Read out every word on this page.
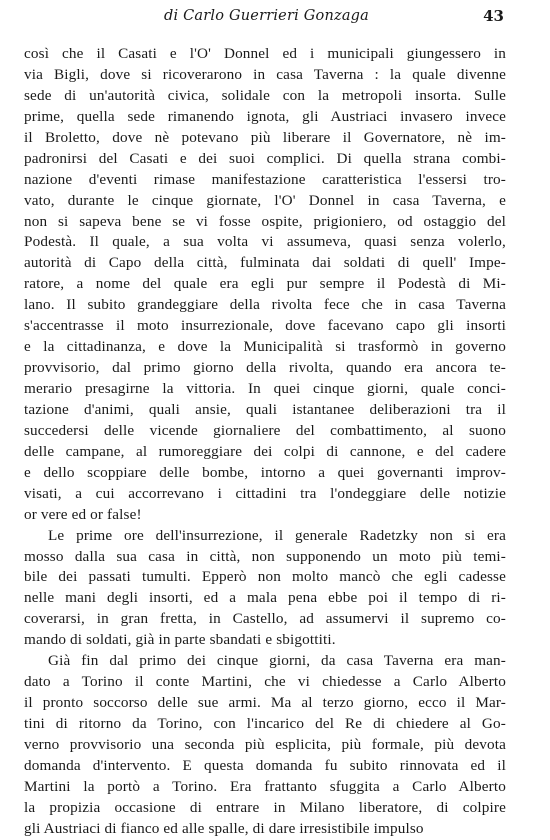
di Carlo Guerrieri Gonzaga	43
così che il Casati e l'O' Donnel ed i municipali giungessero in
via Bigli, dove si ricoverarono in casa Taverna : la quale divenne
sede di un'autorità civica, solidale con la metropoli insorta. Sulle
prime, quella sede rimanendo ignota, gli Austriaci invasero invece
il Broletto, dove nè potevano più liberare il Governatore, nè im-
padronirsi del Casati e dei suoi complici. Di quella strana combi-
nazione d'eventi rimase manifestazione caratteristica l'essersi tro-
vato, durante le cinque giornate, l'O' Donnel in casa Taverna, e
non si sapeva bene se vi fosse ospite, prigioniero, od ostaggio del
Podestà. Il quale, a sua volta vi assumeva, quasi senza volerlo,
autorità di Capo della città, fulminata dai soldati di quell' Impe-
ratore, a nome del quale era egli pur sempre il Podestà di Mi-
lano. Il subito grandeggiare della rivolta fece che in casa Taverna
s'accentrasse il moto insurrezionale, dove facevano capo gli insorti
e la cittadinanza, e dove la Municipalità si trasformò in governo
provvisorio, dal primo giorno della rivolta, quando era ancora te-
merario presagirne la vittoria. In quei cinque giorni, quale conci-
tazione d'animi, quali ansie, quali istantanee deliberazioni tra il
succedersi delle vicende giornaliere del combattimento, al suono
delle campane, al rumoreggiare dei colpi di cannone, e del cadere
e dello scoppiare delle bombe, intorno a quei governanti improv-
visati, a cui accorrevano i cittadini tra l'ondeggiare delle notizie
or vere ed or false!
Le prime ore dell'insurrezione, il generale Radetzky non si era
mosso dalla sua casa in città, non supponendo un moto più temi-
bile dei passati tumulti. Epperò non molto mancò che egli cadesse
nelle mani degli insorti, ed a mala pena ebbe poi il tempo di ri-
coverarsi, in gran fretta, in Castello, ad assumervi il supremo co-
mando di soldati, già in parte sbandati e sbigottiti.
Già fin dal primo dei cinque giorni, da casa Taverna era man-
dato a Torino il conte Martini, che vi chiedesse a Carlo Alberto
il pronto soccorso delle sue armi. Ma al terzo giorno, ecco il Mar-
tini di ritorno da Torino, con l'incarico del Re di chiedere al Go-
verno provvisorio una seconda più esplicita, più formale, più devota
domanda d'intervento. E questa domanda fu subito rinnovata ed il
Martini la portò a Torino. Era frattanto sfuggita a Carlo Alberto
la propizia occasione di entrare in Milano liberatore, di colpire
gli Austriaci di fianco ed alle spalle, di dare irresistibile impulso
